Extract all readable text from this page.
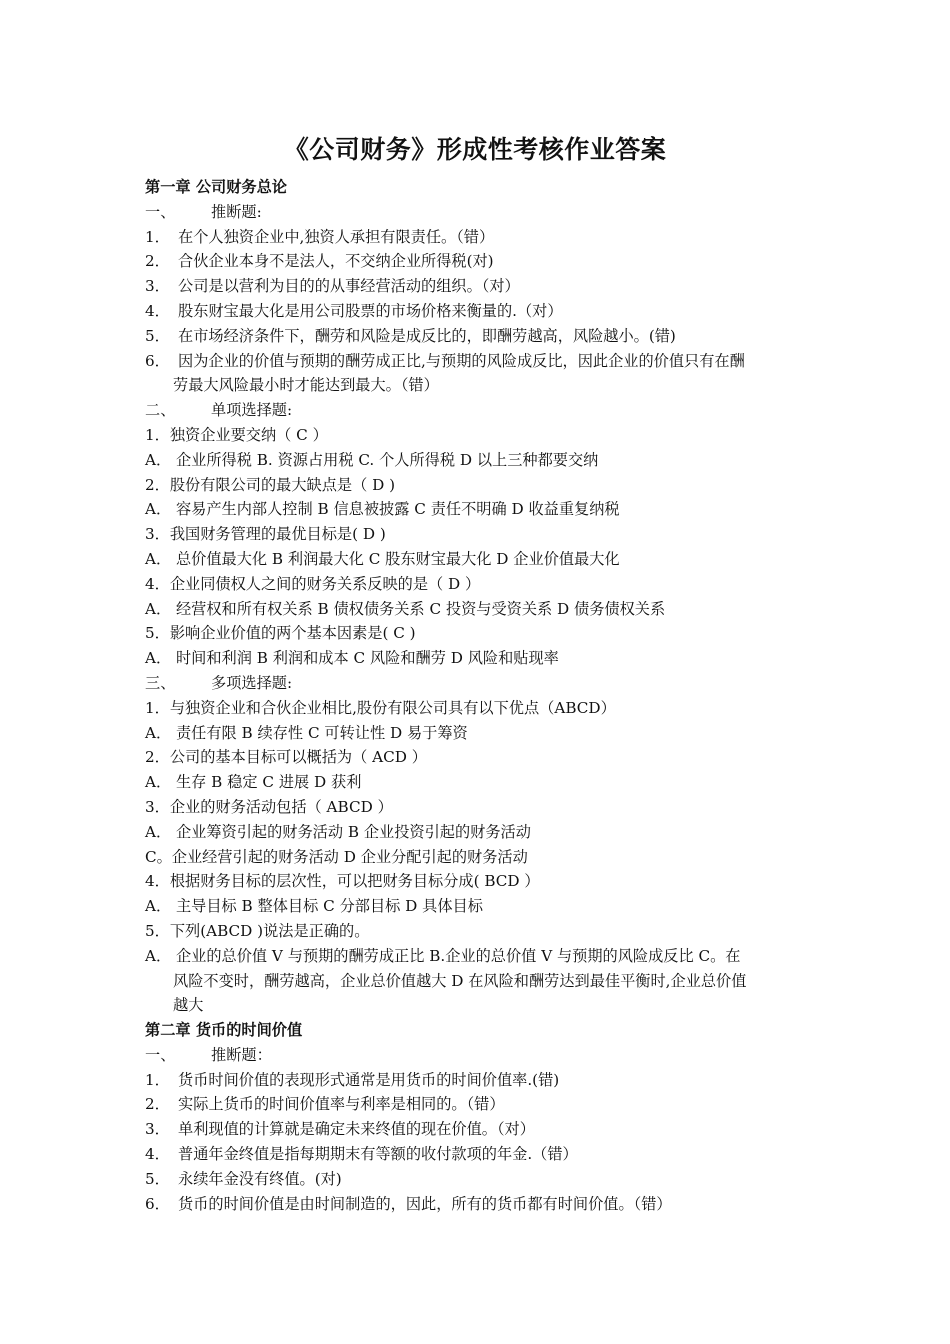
《公司财务》形成性考核作业答案
第一章 公司财务总论
一、 推断题:
1． 在个人独资企业中,独资人承担有限责任。（错）
2． 合伙企业本身不是法人，不交纳企业所得税(对)
3． 公司是以营利为目的的从事经营活动的组织。（对）
4． 股东财宝最大化是用公司股票的市场价格来衡量的.（对）
5． 在市场经济条件下，酬劳和风险是成反比的，即酬劳越高，风险越小。(错)
6． 因为企业的价值与预期的酬劳成正比,与预期的风险成反比，因此企业的价值只有在酬
劳最大风险最小时才能达到最大。（错）
二、 单项选择题:
1．独资企业要交纳（ C ）
A． 企业所得税 B. 资源占用税 C. 个人所得税 D 以上三种都要交纳
2．股份有限公司的最大缺点是（ D )
A． 容易产生内部人控制 B 信息被披露 C 责任不明确 D 收益重复纳税
3．我国财务管理的最优目标是( D )
A． 总价值最大化 B 利润最大化 C 股东财宝最大化 D 企业价值最大化
4．企业同债权人之间的财务关系反映的是（ D ）
A． 经营权和所有权关系 B 债权债务关系 C 投资与受资关系 D 债务债权关系
5．影响企业价值的两个基本因素是( C )
A． 时间和利润 B 利润和成本 C 风险和酬劳 D 风险和贴现率
三、 多项选择题:
1．与独资企业和合伙企业相比,股份有限公司具有以下优点（ABCD）
A． 责任有限 B 续存性 C 可转让性 D 易于筹资
2．公司的基本目标可以概括为（ ACD ）
A． 生存 B 稳定 C 进展 D 获利
3．企业的财务活动包括（ ABCD ）
A． 企业筹资引起的财务活动 B 企业投资引起的财务活动
C。企业经营引起的财务活动 D 企业分配引起的财务活动
4．根据财务目标的层次性，可以把财务目标分成( BCD ）
A． 主导目标 B 整体目标 C 分部目标 D 具体目标
5．下列(ABCD )说法是正确的。
A． 企业的总价值 V 与预期的酬劳成正比 B.企业的总价值 V 与预期的风险成反比 C。在
风险不变时，酬劳越高，企业总价值越大 D 在风险和酬劳达到最佳平衡时,企业总价值
越大
第二章 货币的时间价值
一、 推断题：
1． 货币时间价值的表现形式通常是用货币的时间价值率.(错)
2． 实际上货币的时间价值率与利率是相同的。（错）
3． 单利现值的计算就是确定未来终值的现在价值。（对）
4． 普通年金终值是指每期期末有等额的收付款项的年金.（错）
5． 永续年金没有终值。(对)
6． 货币的时间价值是由时间制造的，因此，所有的货币都有时间价值。（错）
